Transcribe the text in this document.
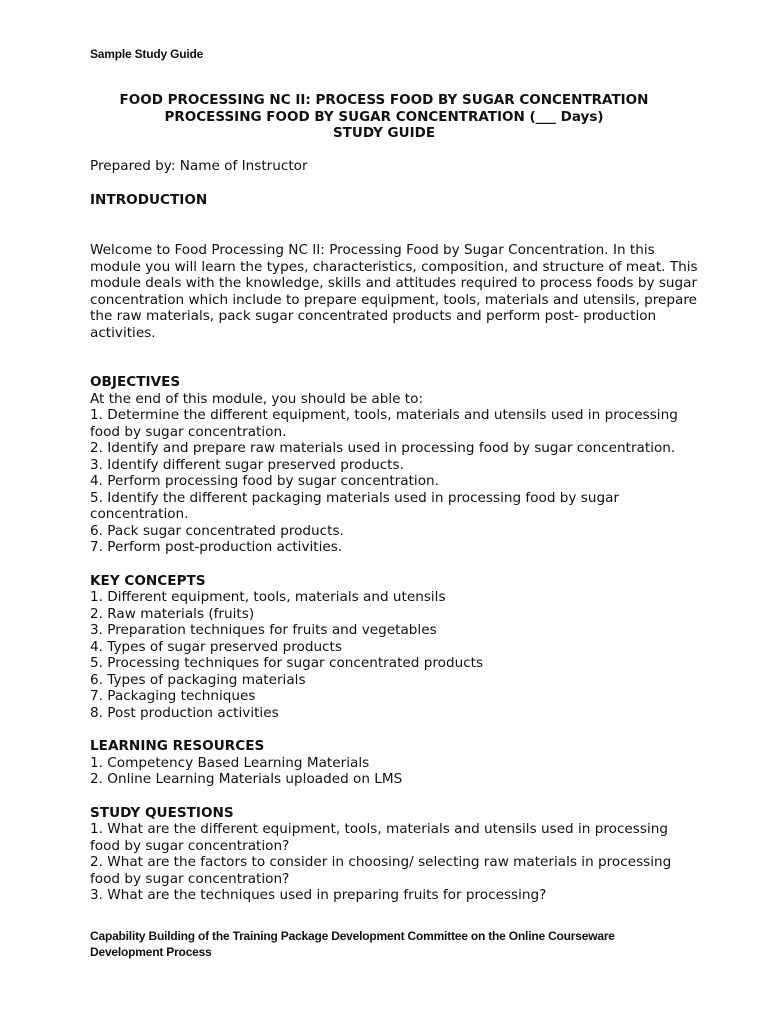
Sample Study Guide
FOOD PROCESSING NC II: PROCESS FOOD BY SUGAR CONCENTRATION
PROCESSING FOOD BY SUGAR CONCENTRATION (___ Days)
STUDY GUIDE

Prepared by: Name of Instructor

INTRODUCTION

Welcome to Food Processing NC II: Processing Food by Sugar Concentration. In this module you will learn the types, characteristics, composition, and structure of meat. This module deals with the knowledge, skills and attitudes required to process foods by sugar concentration which include to prepare equipment, tools, materials and utensils, prepare the raw materials, pack sugar concentrated products and perform post- production activities.

OBJECTIVES

At the end of this module, you should be able to:

1. Determine the different equipment, tools, materials and utensils used in processing food by sugar concentration.
2. Identify and prepare raw materials used in processing food by sugar concentration.
3. Identify different sugar preserved products.
4. Perform processing food by sugar concentration.
5. Identify the different packaging materials used in processing food by sugar concentration.
6. Pack sugar concentrated products.
7. Perform post-production activities.

KEY CONCEPTS

1. Different equipment, tools, materials and utensils
2. Raw materials (fruits)
3. Preparation techniques for fruits and vegetables
4. Types of sugar preserved products
5. Processing techniques for sugar concentrated products
6. Types of packaging materials
7. Packaging techniques
8. Post production activities

LEARNING RESOURCES

1. Competency Based Learning Materials
2. Online Learning Materials uploaded on LMS

STUDY QUESTIONS

1. What are the different equipment, tools, materials and utensils used in processing food by sugar concentration?
2. What are the factors to consider in choosing/ selecting raw materials in processing food by sugar concentration?
3. What are the techniques used in preparing fruits for processing?
Capability Building of the Training Package Development Committee on the Online Courseware Development Process
